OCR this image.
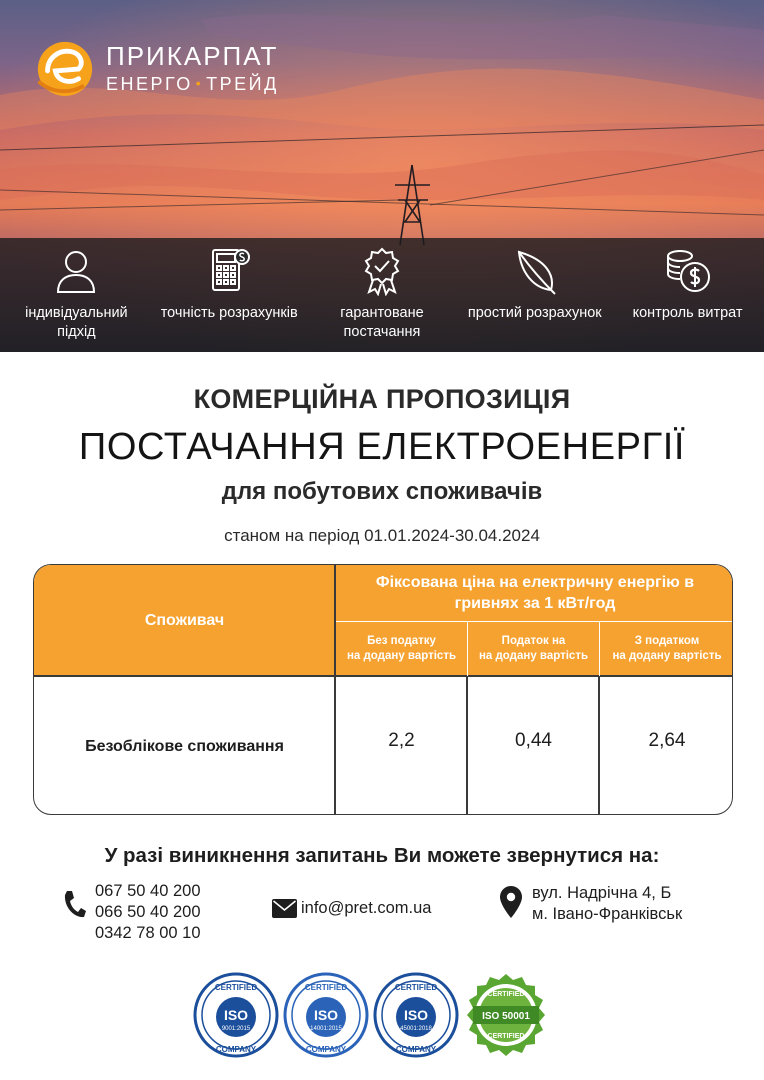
ПРИКАРПАТ
ЕНЕРГО • ТРЕЙД
індивідуальний підхід
точність розрахунків	гарантоване постачання
простий розрахунок	контроль витрат
КОМЕРЦІЙНА ПРОПОЗИЦІЯ
ПОСТАЧАННЯ ЕЛЕКТРОЕНЕРГІЇ
для побутових споживачів
станом на період 01.01.2024-30.04.2024
Споживач
Фіксована ціна на електричну енергію в гривнях за 1 кВт/год
Без податку
на додану вартість
Податок на
на додану вартість
З податком
на додану вартість
Безоблікове споживання	2,2	0,44	2,64
У разі виникнення запитань Ви можете звернутися на:
067 50 40 200
066 50 40 200
0342 78 00 10
info@pret.com.ua
вул. Надрічна 4, Б
м. Івано-Франківськ
CERTIFIED
ISO
9001:2015
COMPANY
CERTIFIED
ISO
14001:2015
COMPANY
CERTIFIED
ISO
45001:2018
COMPANY
CERTIFIED
ISO 50001
CERTIFIED
